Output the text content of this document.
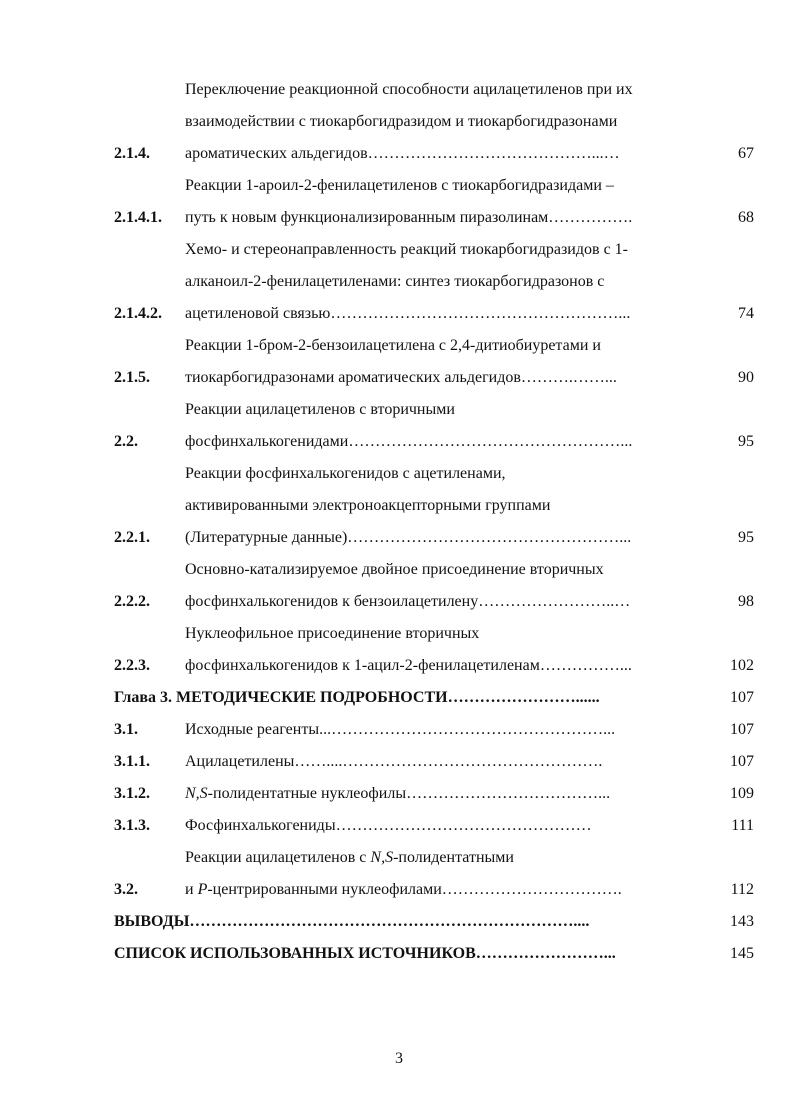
2.1.4.
Переключение реакционной способности ацилацетиленов при их
взаимодействии с тиокарбогидразидом и тиокарбогидразонами
ароматических альдегидов……………………………………...…	67
2.1.4.1.
Реакции 1-ароил-2-фенилацетиленов с тиокарбогидразидами –
путь к новым функционализированным пиразолинам…………….	68
2.1.4.2.
Хемо- и стереонаправленность реакций тиокарбогидразидов с 1-
алканоил-2-фенилацетиленами: синтез тиокарбогидразонов с
ацетиленовой связью………………………………………………...	74
2.1.5.
Реакции 1-бром-2-бензоилацетилена с 2,4-дитиобиуретами и
тиокарбогидразонами ароматических альдегидов……….……...	90
2.2.
Реакции ацилацетиленов с вторичными
фосфинхалькогенидами……………………………………………...	95
2.2.1.
Реакции фосфинхалькогенидов с ацетиленами,
активированными электроноакцепторными группами
(Литературные данные)……………………………………………...	95
2.2.2.
Основно-катализируемое двойное присоединение вторичных
фосфинхалькогенидов к бензоилацетилену……………………..…	98
2.2.3.
Нуклеофильное присоединение вторичных
фосфинхалькогенидов к 1-ацил-2-фенилацетиленам……………...	102
Глава 3. МЕТОДИЧЕСКИЕ ПОДРОБНОСТИ……………………......	107
3.1.	Исходные реагенты...……………………………………………...	107
3.1.1.	Ацилацетилены……....………………………………………….	107
3.1.2.	N,S-полидентатные нуклеофилы………………………………...	109
3.1.3.	Фосфинхалькогениды…………………………………………	111
3.2.
Реакции ацилацетиленов с N,S-полидентатными
и P-центрированными нуклеофилами…………………………….	112
ВЫВОДЫ………………………………………………………………....	143
СПИСОК ИСПОЛЬЗОВАННЫХ ИСТОЧНИКОВ……………………...	145
3
